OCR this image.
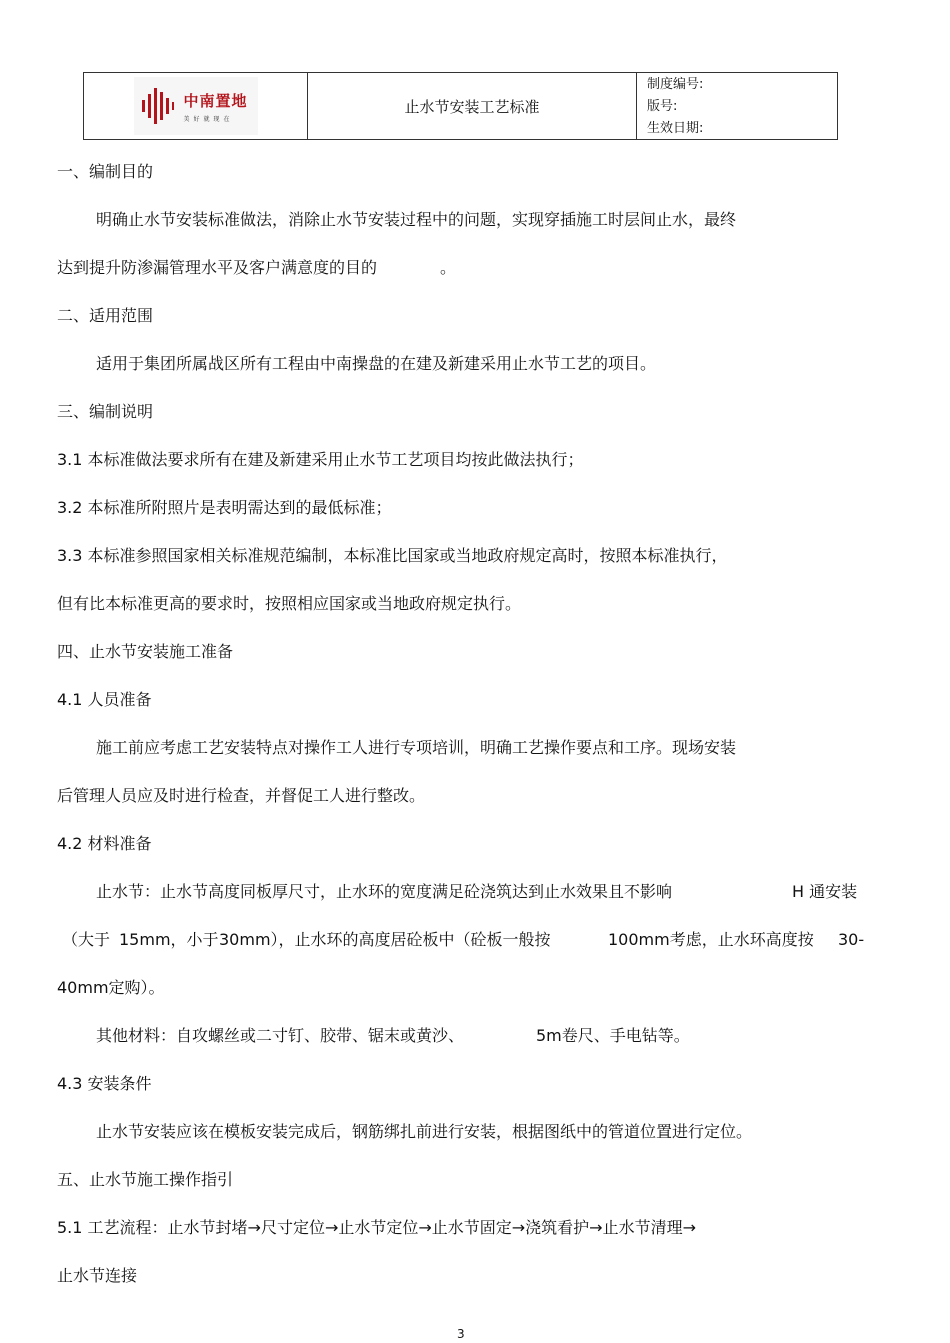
中南置地
美好就现在
止水节安装工艺标准
制度编号:
版号:
生效日期:
一、编制目的
明确止水节安装标准做法，消除止水节安装过程中的问题，实现穿插施工时层间止水，最终
达到提升防渗漏管理水平及客户满意度的目的	。
二、适用范围
适用于集团所属战区所有工程由中南操盘的在建及新建采用止水节工艺的项目。
三、编制说明
3.1 本标准做法要求所有在建及新建采用止水节工艺项目均按此做法执行；
3.2 本标准所附照片是表明需达到的最低标准；
3.3 本标准参照国家相关标准规范编制，本标准比国家或当地政府规定高时，按照本标准执行，
但有比本标准更高的要求时，按照相应国家或当地政府规定执行。
四、止水节安装施工准备
4.1 人员准备
施工前应考虑工艺安装特点对操作工人进行专项培训，明确工艺操作要点和工序。现场安装
后管理人员应及时进行检查，并督促工人进行整改。
4.2 材料准备
止水节：止水节高度同板厚尺寸，止水环的宽度满足砼浇筑达到止水效果且不影响	H 通安装
（大于 15mm，小于 30mm），止水环的高度居砼板中（砼板一般按	100mm考虑，止水环高度按 30-
40mm定购）。
其他材料：自攻螺丝或二寸钉、胶带、锯末或黄沙、	5m卷尺、手电钻等。
4.3 安装条件
止水节安装应该在模板安装完成后，钢筋绑扎前进行安装，根据图纸中的管道位置进行定位。
五、止水节施工操作指引
5.1 工艺流程：止水节封堵→尺寸定位→止水节定位→止水节固定→浇筑看护→止水节清理→
止水节连接
3
